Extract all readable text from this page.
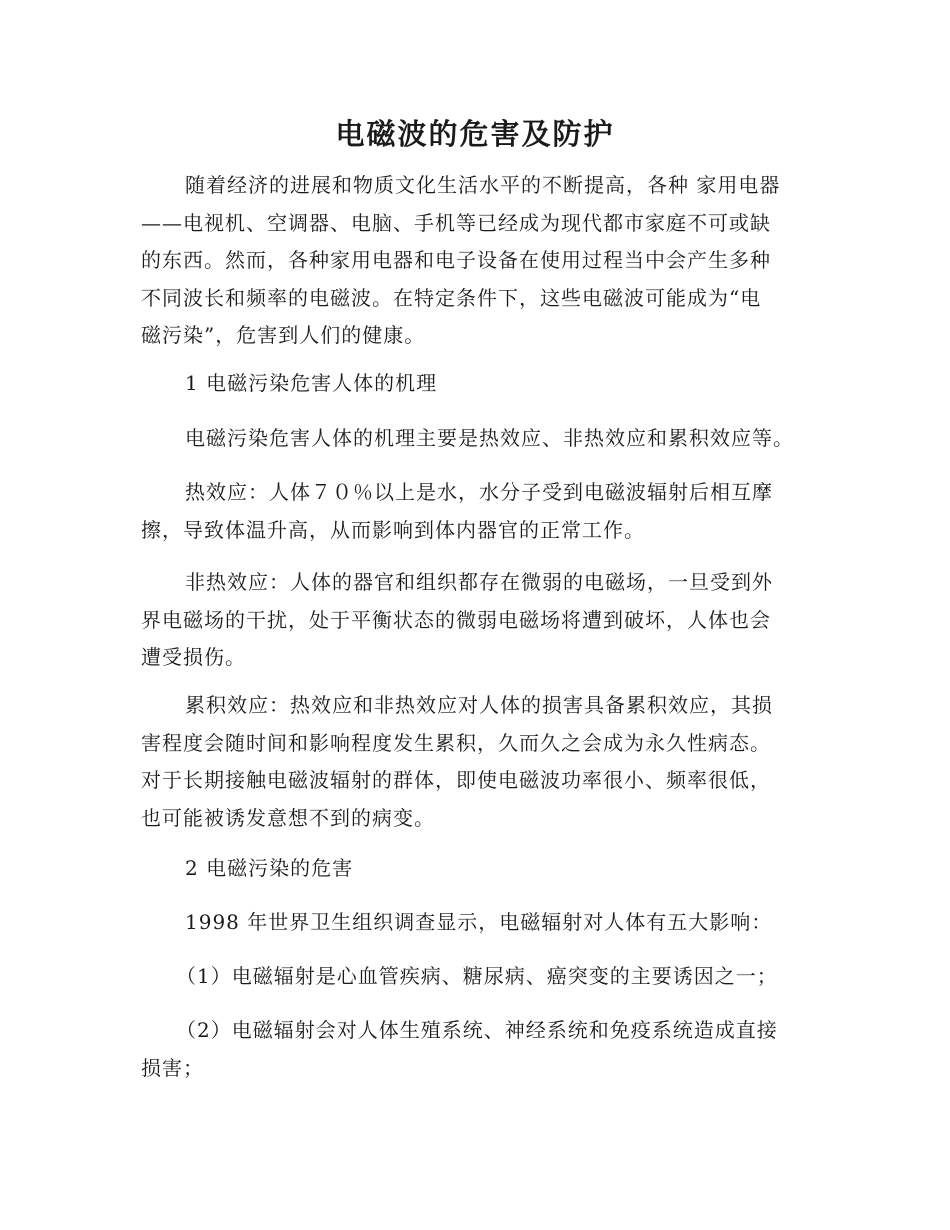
电磁波的危害及防护

随着经济的进展和物质文化生活水平的不断提高，各种 家用电器
——电视机、空调器、电脑、手机等已经成为现代都市家庭不可或缺
的东西。然而，各种家用电器和电子设备在使用过程当中会产生多种
不同波长和频率的电磁波。在特定条件下，这些电磁波可能成为“电
磁污染”，危害到人们的健康。

1 电磁污染危害人体的机理

电磁污染危害人体的机理主要是热效应、非热效应和累积效应等。

热效应：人体７０％以上是水，水分子受到电磁波辐射后相互摩
擦，导致体温升高，从而影响到体内器官的正常工作。

非热效应：人体的器官和组织都存在微弱的电磁场，一旦受到外
界电磁场的干扰，处于平衡状态的微弱电磁场将遭到破坏，人体也会
遭受损伤。

累积效应：热效应和非热效应对人体的损害具备累积效应，其损
害程度会随时间和影响程度发生累积，久而久之会成为永久性病态。
对于长期接触电磁波辐射的群体，即使电磁波功率很小、频率很低，
也可能被诱发意想不到的病变。

2 电磁污染的危害

1998 年世界卫生组织调查显示，电磁辐射对人体有五大影响：

（1）电磁辐射是心血管疾病、糖尿病、癌突变的主要诱因之一；

（2）电磁辐射会对人体生殖系统、神经系统和免疫系统造成直接
损害；
